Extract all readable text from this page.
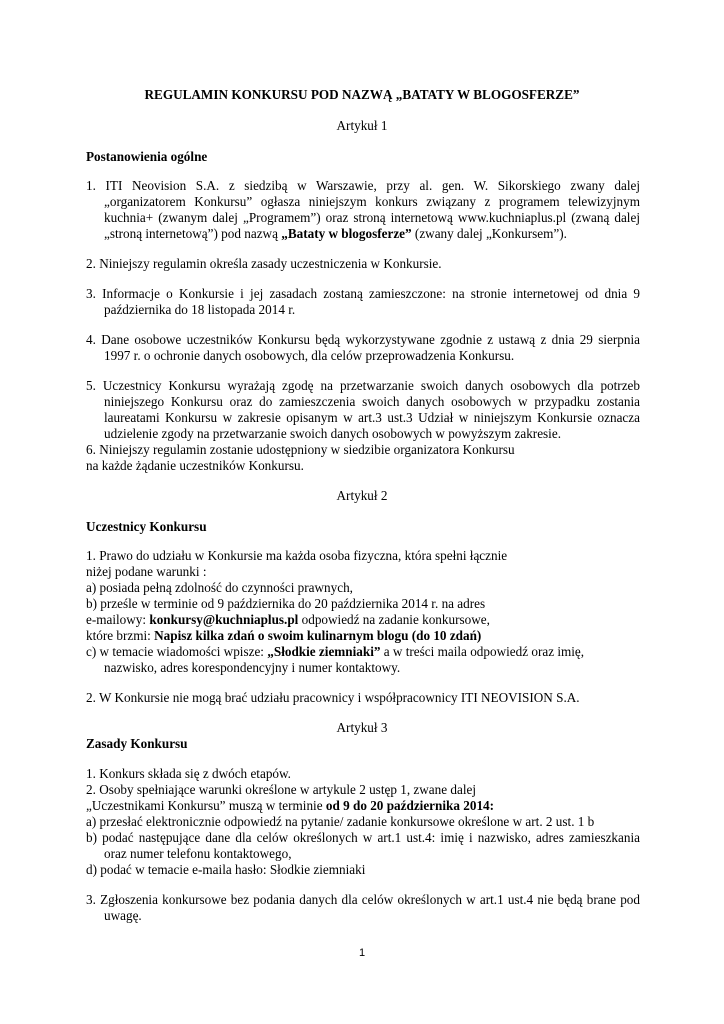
REGULAMIN KONKURSU POD NAZWĄ „BATATY W BLOGOSFERZE”
Artykuł 1
Postanowienia ogólne
1. ITI Neovision S.A. z siedzibą w Warszawie, przy al. gen. W. Sikorskiego zwany dalej
„organizatorem Konkursu” ogłasza niniejszym konkurs związany z programem telewizyjnym
kuchnia+ (zwanym dalej „Programem”) oraz stroną internetową www.kuchniaplus.pl (zwaną dalej
„stroną internetową”) pod nazwą „Bataty w blogosferze” (zwany dalej „Konkursem”).
2. Niniejszy regulamin określa zasady uczestniczenia w Konkursie.
3. Informacje o Konkursie i jej zasadach zostaną zamieszczone: na stronie internetowej od dnia 9
października do 18 listopada 2014 r.
4. Dane osobowe uczestników Konkursu będą wykorzystywane zgodnie z ustawą z dnia 29 sierpnia
1997 r. o ochronie danych osobowych, dla celów przeprowadzenia Konkursu.
5. Uczestnicy Konkursu wyrażają zgodę na przetwarzanie swoich danych osobowych dla potrzeb
niniejszego Konkursu oraz do zamieszczenia swoich danych osobowych w przypadku zostania
laureatami Konkursu w zakresie opisanym w art.3 ust.3 Udział w niniejszym Konkursie oznacza
udzielenie zgody na przetwarzanie swoich danych osobowych w powyższym zakresie.
6. Niniejszy regulamin zostanie udostępniony w siedzibie organizatora Konkursu
na każde żądanie uczestników Konkursu.
Artykuł 2
Uczestnicy Konkursu
1. Prawo do udziału w Konkursie ma każda osoba fizyczna, która spełni łącznie
niżej podane warunki :
a) posiada pełną zdolność do czynności prawnych,
b) prześle w terminie od 9 października do 20 października 2014 r. na adres
e-mailowy: konkursy@kuchniaplus.pl odpowiedź na zadanie konkursowe,
które brzmi: Napisz kilka zdań o swoim kulinarnym blogu (do 10 zdań)
c) w temacie wiadomości wpisze: „Słodkie ziemniaki” a w treści maila odpowiedź oraz imię,
nazwisko, adres korespondencyjny i numer kontaktowy.
2. W Konkursie nie mogą brać udziału pracownicy i współpracownicy ITI NEOVISION S.A.
Artykuł 3
Zasady Konkursu
1. Konkurs składa się z dwóch etapów.
2. Osoby spełniające warunki określone w artykule 2 ustęp 1, zwane dalej
„Uczestnikami Konkursu” muszą w terminie od 9 do 20 października 2014:
a) przesłać elektronicznie odpowiedź na pytanie/ zadanie konkursowe określone w art. 2 ust. 1 b
b) podać następujące dane dla celów określonych w art.1 ust.4: imię i nazwisko, adres zamieszkania
oraz numer telefonu kontaktowego,
d) podać w temacie e-maila hasło: Słodkie ziemniaki
3. Zgłoszenia konkursowe bez podania danych dla celów określonych w art.1 ust.4 nie będą brane pod
uwagę.
1
